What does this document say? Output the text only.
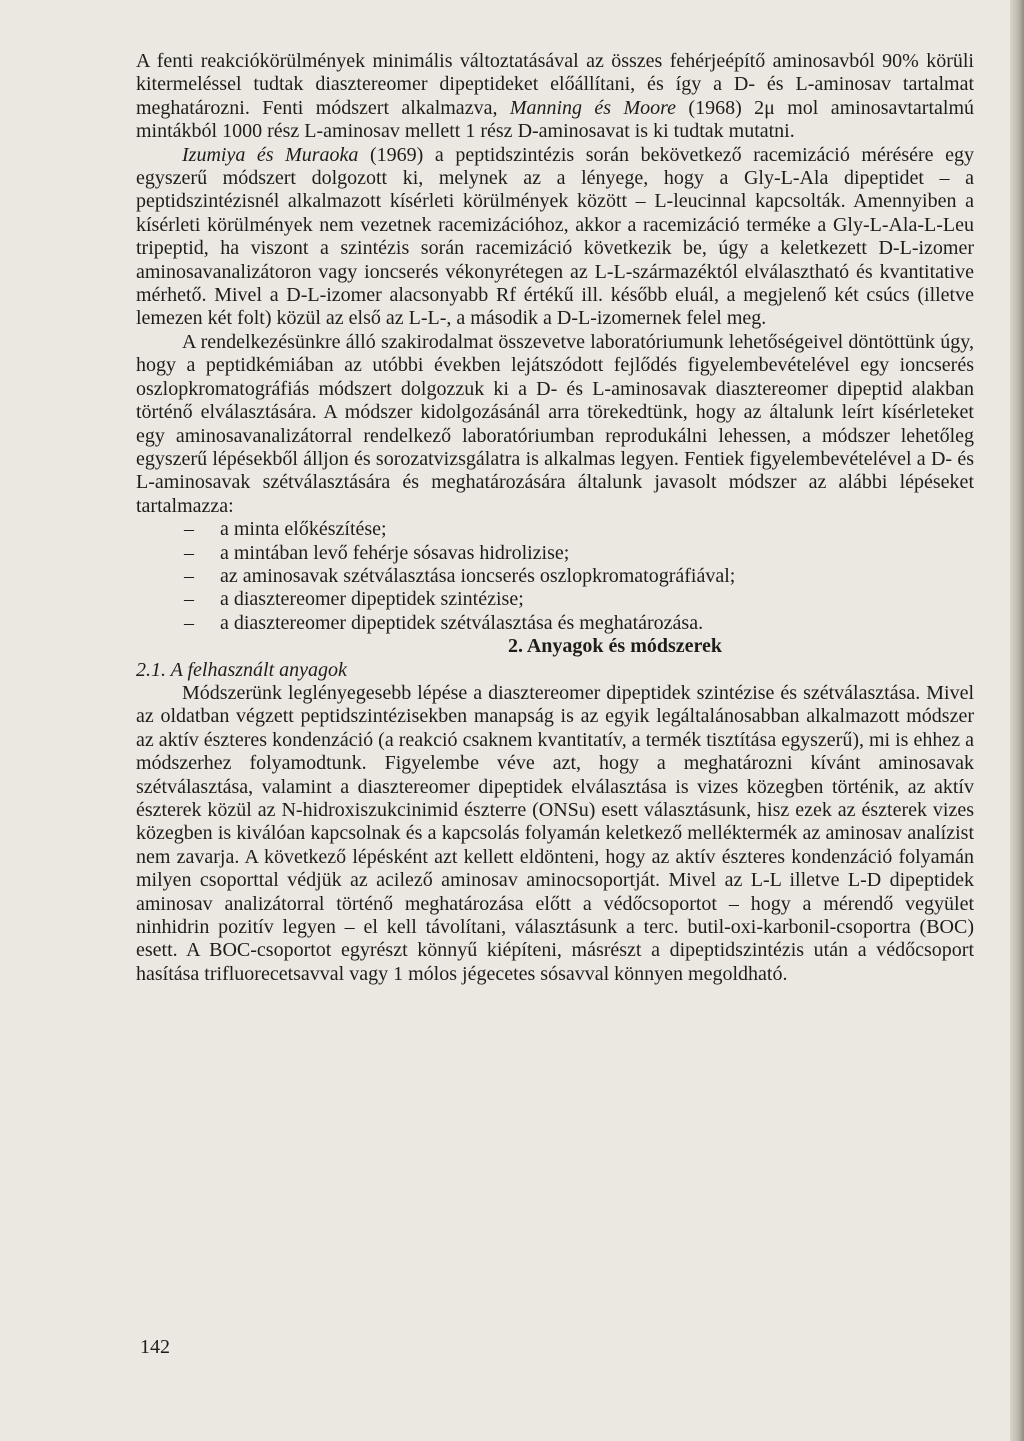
A fenti reakciókörülmények minimális változtatásával az összes fehérjeépítő aminosavból 90% körüli kitermeléssel tudtak diasztereomer dipeptideket előállítani, és így a D- és L-aminosav tartalmat meghatározni. Fenti módszert alkalmazva, Manning és Moore (1968) 2μ mol aminosavtartalmú mintákból 1000 rész L-aminosav mellett 1 rész D-aminosavat is ki tudtak mutatni.

Izumiya és Muraoka (1969) a peptidszintézis során bekövetkező racemizáció mérésére egy egyszerű módszert dolgozott ki, melynek az a lényege, hogy a Gly-L-Ala dipeptidet – a peptidszintézisnél alkalmazott kísérleti körülmények között – L-leucinnal kapcsolták. Amennyiben a kísérleti körülmények nem vezetnek racemizációhoz, akkor a racemizáció terméke a Gly-L-Ala-L-Leu tripeptid, ha viszont a szintézis során racemizáció következik be, úgy a keletkezett D-L-izomer aminosavanalizátoron vagy ioncserés vékonyrétegen az L-L-származéktól elválasztható és kvantitative mérhető. Mivel a D-L-izomer alacsonyabb Rf értékű ill. később eluál, a megjelenő két csúcs (illetve lemezen két folt) közül az első az L-L-, a második a D-L-izomernek felel meg.

A rendelkezésünkre álló szakirodalmat összevetve laboratóriumunk lehetőségeivel döntöttünk úgy, hogy a peptidkémiában az utóbbi években lejátszódott fejlődés figyelembevételével egy ioncserés oszlopkromatográfiás módszert dolgozzuk ki a D- és L-aminosavak diasztereomer dipeptid alakban történő elválasztására. A módszer kidolgozásánál arra törekedtünk, hogy az általunk leírt kísérleteket egy aminosavanalizátorral rendelkező laboratóriumban reprodukálni lehessen, a módszer lehetőleg egyszerű lépésekből álljon és sorozatvizsgálatra is alkalmas legyen. Fentiek figyelembevételével a D- és L-aminosavak szétválasztására és meghatározására általunk javasolt módszer az alábbi lépéseket tartalmazza:

– a minta előkészítése;
– a mintában levő fehérje sósavas hidrolizise;
– az aminosavak szétválasztása ioncserés oszlopkromatográfiával;
– a diasztereomer dipeptidek szintézise;
– a diasztereomer dipeptidek szétválasztása és meghatározása.

2. Anyagok és módszerek

2.1. A felhasznált anyagok

Módszerünk leglényegesebb lépése a diasztereomer dipeptidek szintézise és szétválasztása. Mivel az oldatban végzett peptidszintézisekben manapság is az egyik legáltalánosabban alkalmazott módszer az aktív észteres kondenzáció (a reakció csaknem kvantitatív, a termék tisztítása egyszerű), mi is ehhez a módszerhez folyamodtunk. Figyelembe véve azt, hogy a meghatározni kívánt aminosavak szétválasztása, valamint a diasztereomer dipeptidek elválasztása is vizes közegben történik, az aktív észterek közül az N-hidroxiszukcinimid észterre (ONSu) esett választásunk, hisz ezek az észterek vizes közegben is kiválóan kapcsolnak és a kapcsolás folyamán keletkező melléktermék az aminosav analízist nem zavarja. A következő lépésként azt kellett eldönteni, hogy az aktív észteres kondenzáció folyamán milyen csoporttal védjük az acilező aminosav aminocsoportját. Mivel az L-L illetve L-D dipeptidek aminosav analizátorral történő meghatározása előtt a védőcsoportot – hogy a mérendő vegyület ninhidrin pozitív legyen – el kell távolítani, választásunk a terc. butil-oxi-karbonil-csoportra (BOC) esett. A BOC-csoportot egyrészt könnyű kiépíteni, másrészt a dipeptidszintézis után a védőcsoport hasítása trifluorecetsavval vagy 1 mólos jégecetes sósavval könnyen megoldható.

142
